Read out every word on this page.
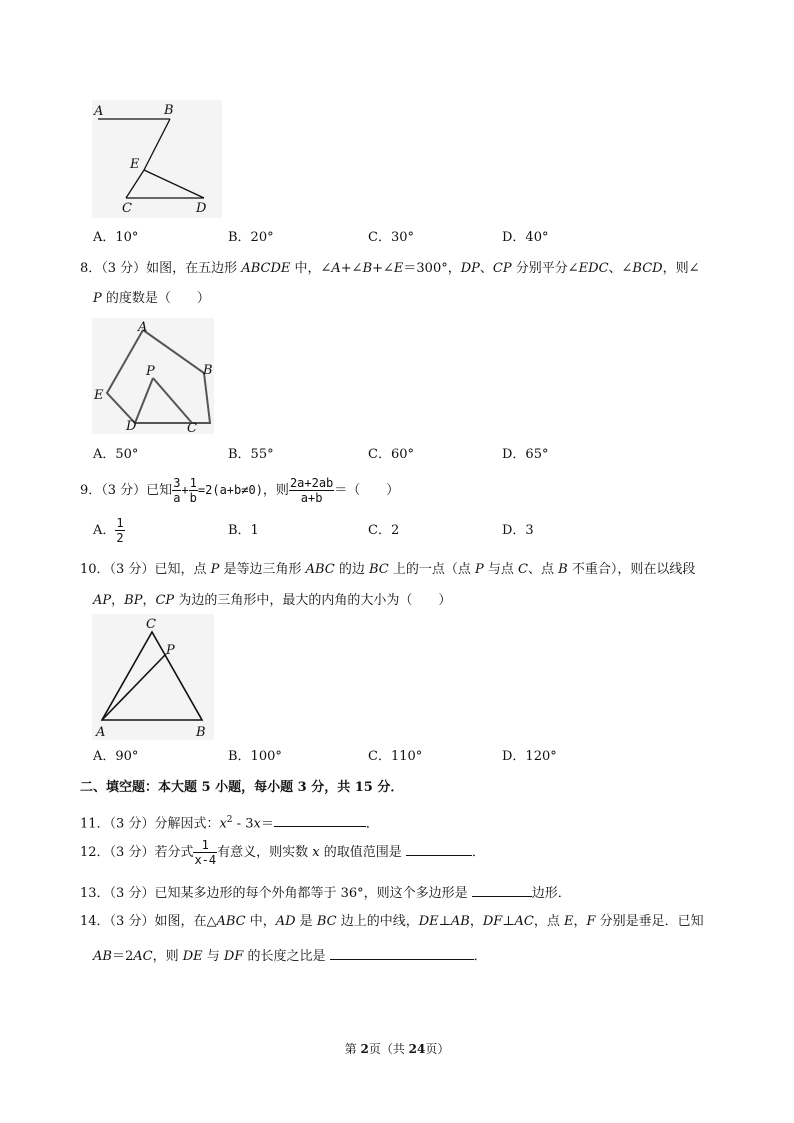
A	B
E
C	D
A．10°	B．20°	C．30°	D．40°
8．（3 分）如图，在五边形 ABCDE 中，∠A+∠B+∠E＝300°，DP、CP 分别平分∠EDC、∠BCD，则∠
P 的度数是（　　）
A
B
P
E
D	C
A．50°	B．55°	C．60°	D．65°
9．（3 分）已知 $\frac{3}{a} + \frac{1}{b} =2(a+b\ne 0)$，则 $\frac{2a+2ab}{a+b}$ ＝（　　）
A． $\frac{1}{2}$	B．1	C．2	D．3
10．（3 分）已知，点 P 是等边三角形 ABC 的边 BC 上的一点（点 P 与点 C、点 B 不重合），则在以线段
AP，BP，CP 为边的三角形中，最大的内角的大小为（　　）
C
P
A	B
A．90°	B．100°	C．110°	D．120°
二、填空题：本大题 5 小题，每小题 3 分，共 15 分．
11．（3 分）分解因式：$x^2 - 3x=$	．
12．（3 分）若分式 $\frac{1}{x-4}$ 有意义，则实数 x 的取值范围是	．
13．（3 分）已知某多边形的每个外角都等于 36°，则这个多边形是	边形．
14．（3 分）如图，在△ABC 中，AD 是 BC 边上的中线，DE⊥AB，DF⊥AC，点 E，F 分别是垂足．已知
AB＝2AC，则 DE 与 DF 的长度之比是	．
第 2页（共 24页）
